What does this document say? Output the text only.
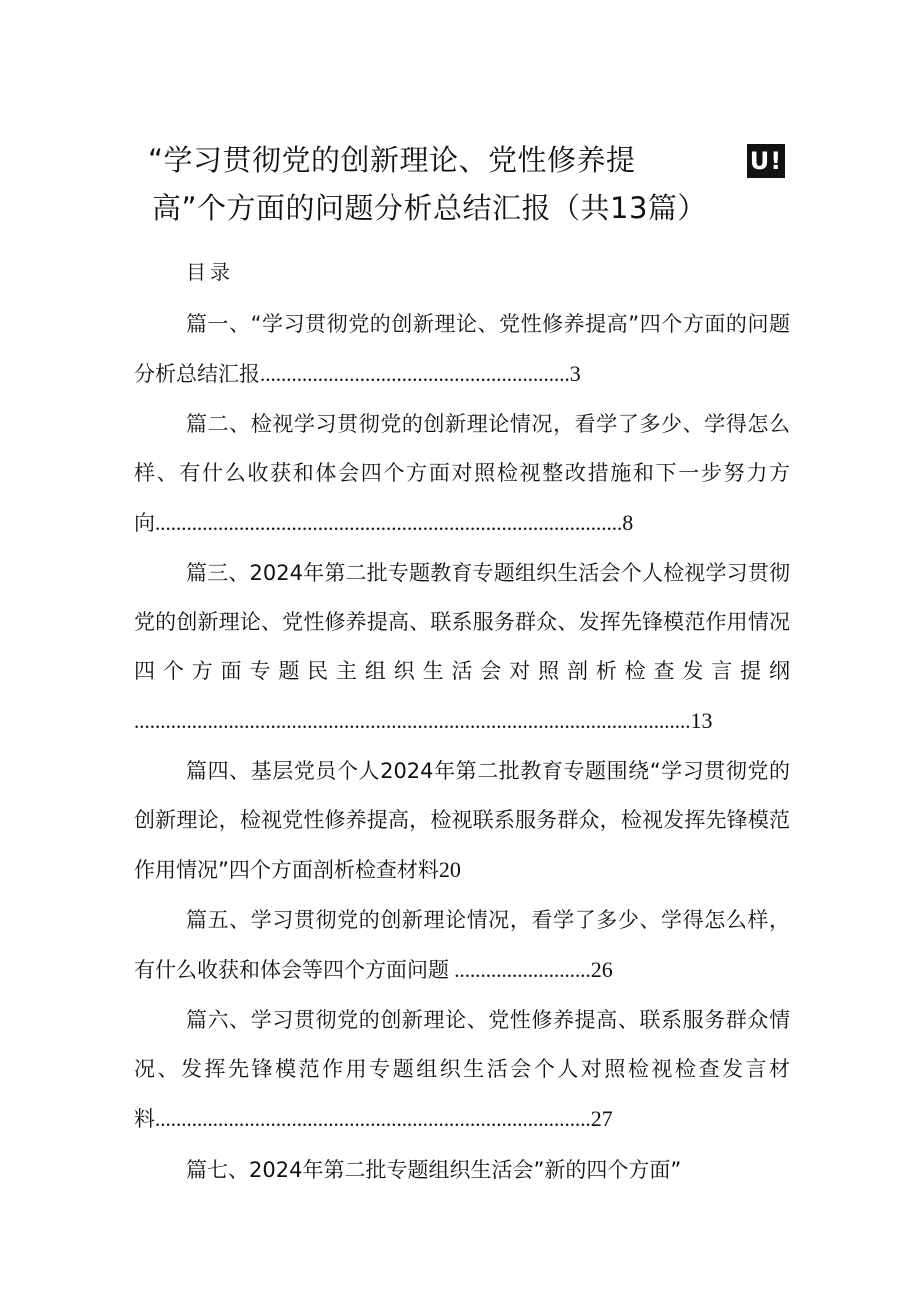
“学习贯彻党的创新理论、党性修养提
高”个方面的问题分析总结汇报（共13篇）
U!
目录
篇一、“学习贯彻党的创新理论、党性修养提高”四个方面的问题分析总结汇报...........................................................3
篇二、检视学习贯彻党的创新理论情况，看学了多少、学得怎么样、有什么收获和体会四个方面对照检视整改措施和下一步努力方向.........................................................................................8
篇三、2024年第二批专题教育专题组织生活会个人检视学习贯彻党的创新理论、党性修养提高、联系服务群众、发挥先锋模范作用情况四个方面专题民主组织生活会对照剖析检查发言提纲 ..........................................................................................................13
篇四、基层党员个人2024年第二批教育专题围绕“学习贯彻党的创新理论，检视党性修养提高，检视联系服务群众，检视发挥先锋模范作用情况”四个方面剖析检查材料20
篇五、学习贯彻党的创新理论情况，看学了多少、学得怎么样，有什么收获和体会等四个方面问题 ..........................26
篇六、学习贯彻党的创新理论、党性修养提高、联系服务群众情况、发挥先锋模范作用专题组织生活会个人对照检视检查发言材料...................................................................................27
篇七、2024年第二批专题组织生活会”新的四个方面”
